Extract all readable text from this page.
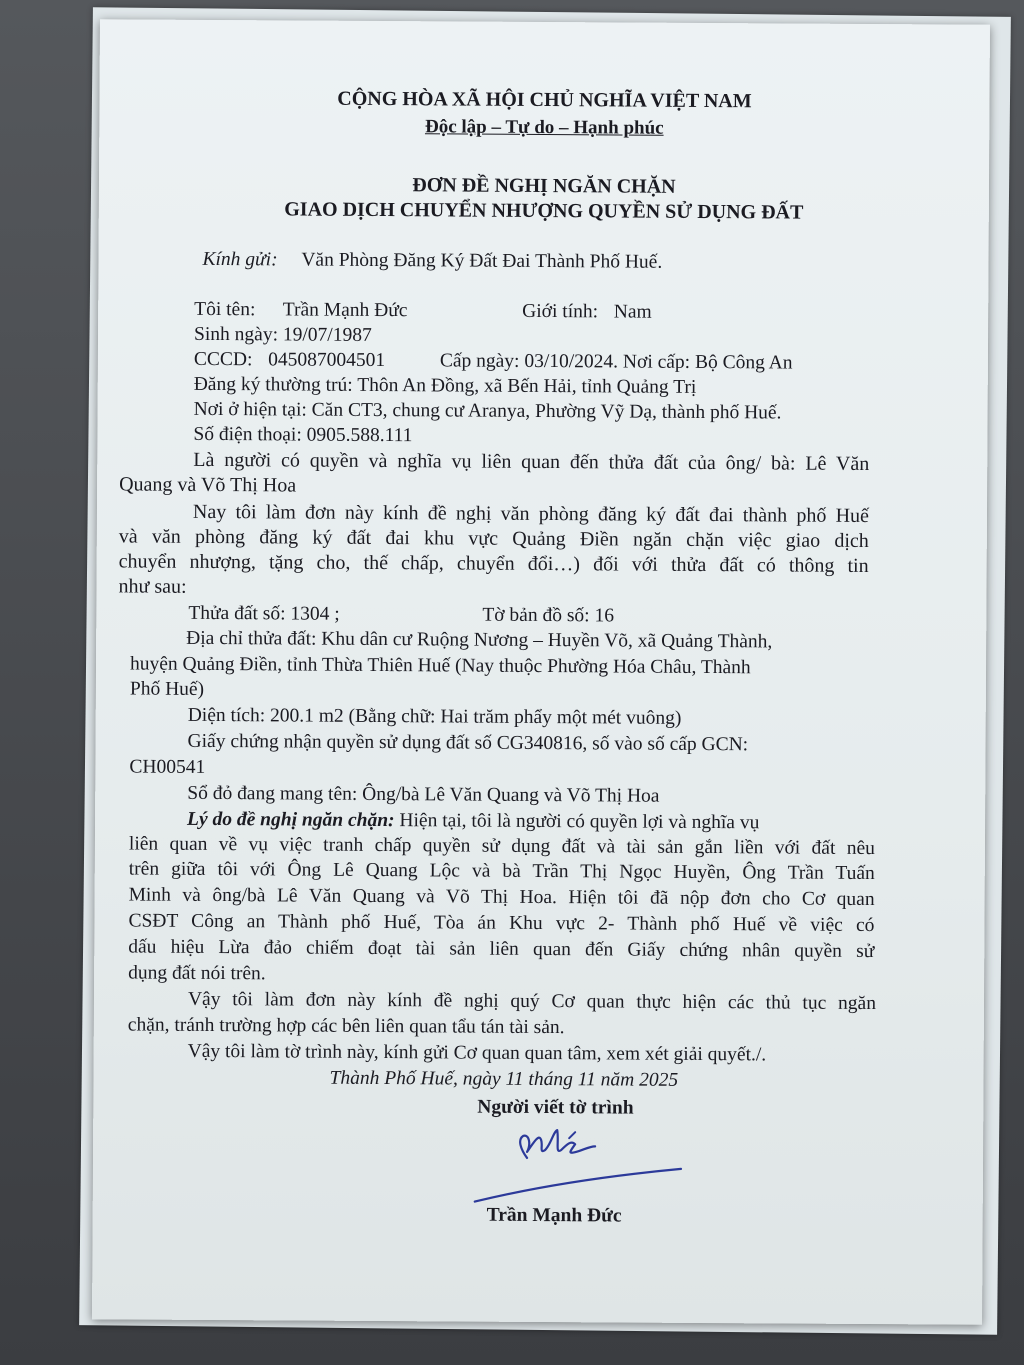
CỘNG HÒA XÃ HỘI CHỦ NGHĨA VIỆT NAM
Độc lập – Tự do – Hạnh phúc
ĐƠN ĐỀ NGHỊ NGĂN CHẶN
GIAO DỊCH CHUYỂN NHƯỢNG QUYỀN SỬ DỤNG ĐẤT
Kính gửi: Văn Phòng Đăng Ký Đất Đai Thành Phố Huế.
Tôi tên: Trần Mạnh Đức	Giới tính: Nam
Sinh ngày: 19/07/1987
CCCD: 045087004501	Cấp ngày: 03/10/2024. Nơi cấp: Bộ Công An
Đăng ký thường trú: Thôn An Đồng, xã Bến Hải, tỉnh Quảng Trị
Nơi ở hiện tại: Căn CT3, chung cư Aranya, Phường Vỹ Dạ, thành phố Huế.
Số điện thoại: 0905.588.111
Là người có quyền và nghĩa vụ liên quan đến thửa đất của ông/ bà: Lê Văn
Quang và Võ Thị Hoa
Nay tôi làm đơn này kính đề nghị văn phòng đăng ký đất đai thành phố Huế
và văn phòng đăng ký đất đai khu vực Quảng Điền ngăn chặn việc giao dịch
chuyển nhượng, tặng cho, thế chấp, chuyển đổi…) đối với thửa đất có thông tin
như sau:
Thửa đất số: 1304 ;	Tờ bản đồ số: 16
Địa chỉ thửa đất: Khu dân cư Ruộng Nương – Huyền Võ, xã Quảng Thành,
huyện Quảng Điền, tỉnh Thừa Thiên Huế (Nay thuộc Phường Hóa Châu, Thành
Phố Huế)
Diện tích: 200.1 m2 (Bằng chữ: Hai trăm phẩy một mét vuông)
Giấy chứng nhận quyền sử dụng đất số CG340816, số vào số cấp GCN:
CH00541
Sổ đỏ đang mang tên: Ông/bà Lê Văn Quang và Võ Thị Hoa
Lý do đề nghị ngăn chặn: Hiện tại, tôi là người có quyền lợi và nghĩa vụ
liên quan về vụ việc tranh chấp quyền sử dụng đất và tài sản gắn liền với đất nêu
trên giữa tôi với Ông Lê Quang Lộc và bà Trần Thị Ngọc Huyền, Ông Trần Tuấn
Minh và ông/bà Lê Văn Quang và Võ Thị Hoa. Hiện tôi đã nộp đơn cho Cơ quan
CSĐT Công an Thành phố Huế, Tòa án Khu vực 2- Thành phố Huế về việc có
dấu hiệu Lừa đảo chiếm đoạt tài sản liên quan đến Giấy chứng nhân quyền sử
dụng đất nói trên.
Vậy tôi làm đơn này kính đề nghị quý Cơ quan thực hiện các thủ tục ngăn
chặn, tránh trường hợp các bên liên quan tẩu tán tài sản.
Vậy tôi làm tờ trình này, kính gửi Cơ quan quan tâm, xem xét giải quyết./.
Thành Phố Huế, ngày 11 tháng 11 năm 2025
Người viết tờ trình
Trần Mạnh Đức
